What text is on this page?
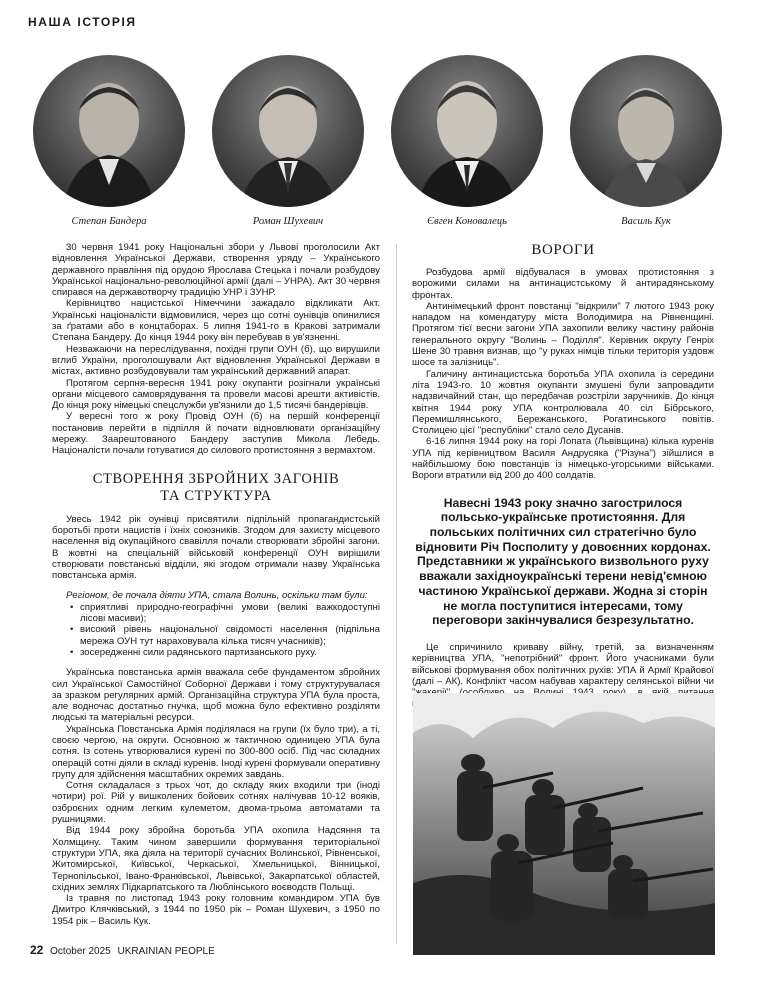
НАША ІСТОРІЯ
Степан Бандера	Роман Шухевич	Євген Коновалець	Василь Кук

30 червня 1941 року Національні збори у Львові проголосили Акт відновлення Української Держави, створення уряду – Українського державного правління під орудою Ярослава Стецька і почали розбудову Української національно-революційної армії (далі – УНРА). Акт 30 червня спирався на державотворчу традицію УНР і ЗУНР.

Керівництво нацистської Німеччини зажадало відкликати Акт. Українські націоналісти відмовилися, через що сотні оунівців опинилися за ґратами або в концтаборах. 5 липня 1941-го в Кракові затримали Степана Бандеру. До кінця 1944 року він перебував в ув'язненні.

Незважаючи на переслідування, похідні групи ОУН (б), що вирушили вглиб України, проголошували Акт відновлення Української Держави в містах, активно розбудовували там український державний апарат.

Протягом серпня-вересня 1941 року окупанти розігнали українські органи місцевого самоврядування та провели масові арешти активістів. До кінця року німецькі спецслужби ув'язнили до 1,5 тисячі бандерівців.

У вересні того ж року Провід ОУН (б) на першій конференції постановив перейти в підпілля й почати відновлювати організаційну мережу. Заарештованого Бандеру заступив Микола Лебедь. Націоналісти почали готуватися до силового протистояння з вермахтом.

СТВОРЕННЯ ЗБРОЙНИХ ЗАГОНІВ
ТА СТРУКТУРА

Увесь 1942 рік оунівці присвятили підпільній пропагандистській боротьбі проти нацистів і їхніх союзників. Згодом для захисту місцевого населення від окупаційного свавілля почали створювати збройні загони. В жовтні на спеціальній військовій конференції ОУН вирішили створювати повстанські відділи, які згодом отримали назву Українська повстанська армія.

Регіоном, де почала діяти УПА, стала Волинь, оскільки там були:

• сприятливі природно-географічні умови (великі важкодоступні лісові масиви);
• високий рівень національної свідомості населення (підпільна мережа ОУН тут нараховувала кілька тисяч учасників);
• зосередженні сили радянського партизанського руху.

Українська повстанська армія вважала себе фундаментом збройних сил Української Самостійної Соборної Держави і тому структурувалася за зразком регулярних армій. Організаційна структура УПА була проста, але водночас достатньо гнучка, щоб можна було ефективно розділяти людські та матеріальні ресурси.

Українська Повстанська Армія поділялася на групи (їх було три), а ті, своєю чергою, на округи. Основною ж тактичною одиницею УПА була сотня. Із сотень утворювалися курені по 300-800 осіб. Під час складних операцій сотні діяли в складі куренів. Іноді курені формували оперативну групу для здійснення масштабних окремих завдань.

Сотня складалася з трьох чот, до складу яких входили три (іноді чотири) рої. Рій у вишколених бойових сотнях налічував 10-12 вояків, озброєних одним легким кулеметом, двома-трьома автоматами та рушницями.

Від 1944 року збройна боротьба УПА охопила Надсяння та Холмщину. Таким чином завершили формування територіальної структури УПА, яка діяла на території сучасних Волинської, Рівненської, Житомирської, Київської, Черкаської, Хмельницької, Вінницької, Тернопільської, Івано-Франківської, Львівської, Закарпатської областей, східних землях Підкарпатського та Люблінського воєводств Польщі.

Із травня по листопад 1943 року головним командиром УПА був Дмитро Клячківський, з 1944 по 1950 рік – Роман Шухевич, з 1950 по 1954 рік – Василь Кук.

ВОРОГИ

Розбудова армії відбувалася в умовах протистояння з ворожими силами на антинацистському й антирадянському фронтах.

Антинімецький фронт повстанці "відкрили" 7 лютого 1943 року нападом на комендатуру міста Володимира на Рівненщині. Протягом тієї весни загони УПА захопили велику частину районів генерального округу "Волинь – Поділля". Керівник округу Генріх Шене 30 травня визнав, що "у руках німців тільки територія уздовж шосе та залізниць".

Галичину антинацистська боротьба УПА охопила із середини літа 1943-го. 10 жовтня окупанти змушені були запровадити надзвичайний стан, що передбачав розстріли заручників. До кінця квітня 1944 року УПА контролювала 40 сіл Бібрського, Перемишлянського, Бережанського, Рогатинського повітів. Столицею цієї "республіки" стало село Дусанів.

6-16 липня 1944 року на горі Лопата (Львівщина) кілька куренів УПА під керівництвом Василя Андрусяка ("Різуна") зійшлися в найбільшому бою повстанців із німецько-угорськими військами. Вороги втратили від 200 до 400 солдатів.

Навесні 1943 року значно загострилося польсько-українське протистояння. Для польських політичних сил стратегічно було відновити Річ Посполиту у довоєнних кордонах. Представники ж українського визвольного руху вважали західноукраїнські терени невід'ємною частиною Української держави. Жодна зі сторін не могла поступитися інтересами, тому переговори закінчувалися безрезультатно.

Це спричинило криваву війну, третій, за визначенням керівництва УПА, "непотрібний" фронт. Його учасниками були військові формування обох політичних рухів: УПА й Армії Крайової (далі – АК). Конфлікт часом набував характеру селянської війни чи

22 October 2025 UKRAINIAN PEOPLE
